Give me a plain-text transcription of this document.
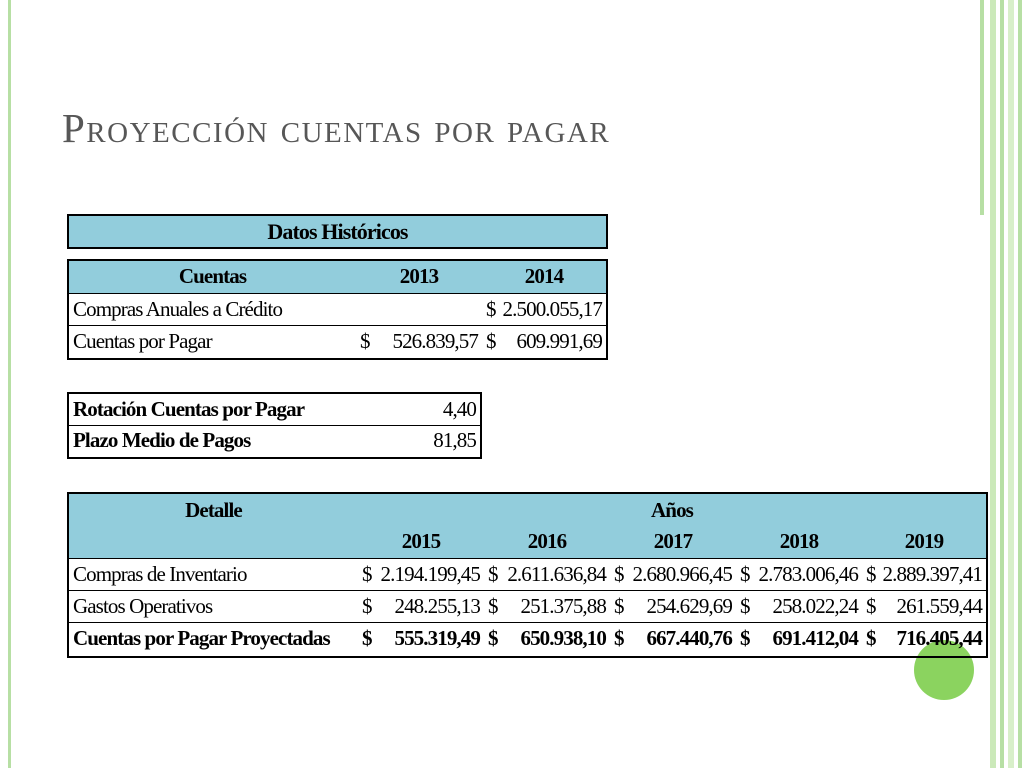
Proyección cuentas por pagar
Datos Históricos
Cuentas	2013	2014
Compras Anuales a Crédito		$ 2.500.055,17

Cuentas por Pagar	$ 526.839,57	$ 609.991,69
Rotación Cuentas por Pagar	4,40
Plazo Medio de Pagos	81,85
Detalle	Años				
	2015	2016	2017	2018	2019
Compras de Inventario	$ 2.194.199,45	$ 2.611.636,84	$ 2.680.966,45	$ 2.783.006,46	$ 2.889.397,41

Gastos Operativos	$ 248.255,13	$ 251.375,88	$ 254.629,69	$ 258.022,24	$ 261.559,44

Cuentas por Pagar Proyectadas	$ 555.319,49	$ 650.938,10	$ 667.440,76	$ 691.412,04	$ 716.405,44
